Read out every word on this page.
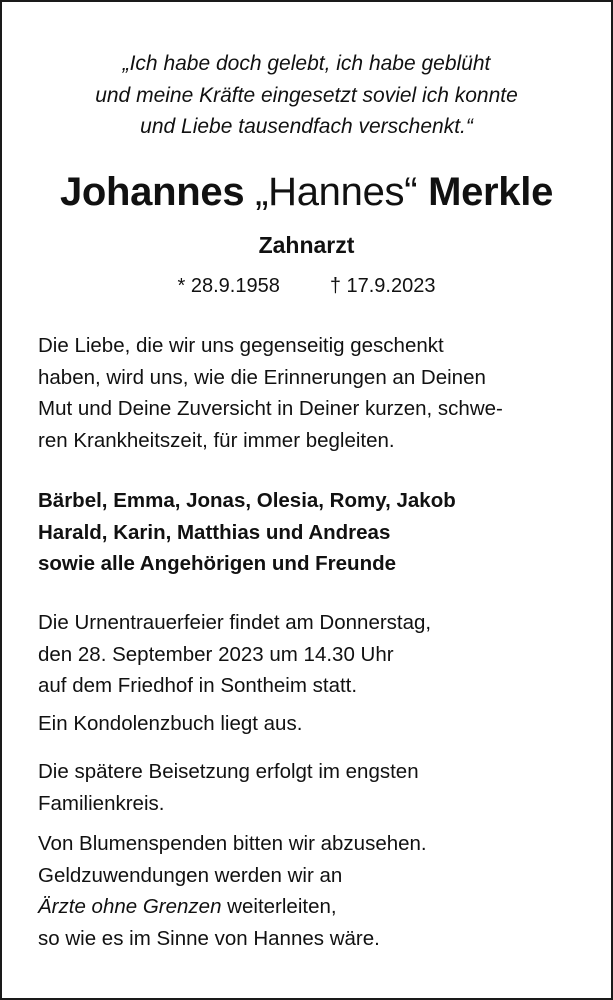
„Ich habe doch gelebt, ich habe geblüht
und meine Kräfte eingesetzt soviel ich konnte
und Liebe tausendfach verschenkt.“
Johannes „Hannes“ Merkle
Zahnarzt
* 28.9.1958	† 17.9.2023
Die Liebe, die wir uns gegenseitig geschenkt
haben, wird uns, wie die Erinnerungen an Deinen
Mut und Deine Zuversicht in Deiner kurzen, schwe-
ren Krankheitszeit, für immer begleiten.
Bärbel, Emma, Jonas, Olesia, Romy, Jakob
Harald, Karin, Matthias und Andreas
sowie alle Angehörigen und Freunde
Die Urnentrauerfeier findet am Donnerstag,
den 28. September 2023 um 14.30 Uhr
auf dem Friedhof in Sontheim statt.
Ein Kondolenzbuch liegt aus.
Die spätere Beisetzung erfolgt im engsten
Familienkreis.
Von Blumenspenden bitten wir abzusehen.
Geldzuwendungen werden wir an
Ärzte ohne Grenzen weiterleiten,
so wie es im Sinne von Hannes wäre.
